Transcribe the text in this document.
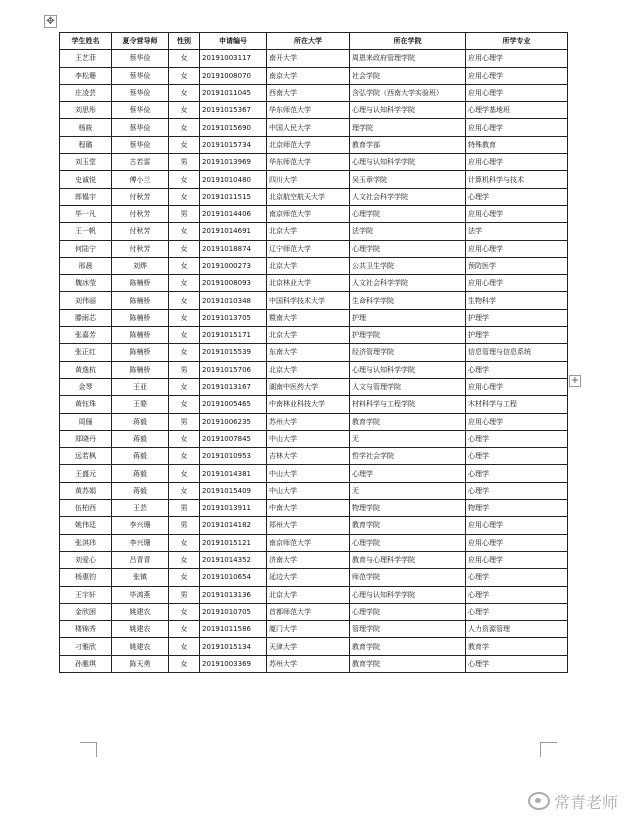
✥
学生姓名	夏令营导师	性别	申请编号	所在大学	所在学院	所学专业
王艺菲	蔡华俭	女	20191003117	南开大学	周恩来政府管理学院	应用心理学
李松珊	蔡华俭	女	20191008070	南京大学	社会学院	应用心理学
庄凌芸	蔡华俭	女	20191011045	西南大学	含弘学院（西南大学实验班）	应用心理学
刘思彤	蔡华俭	女	20191015367	华东师范大学	心理与认知科学学院	心理学基地班
杨筱	蔡华俭	女	20191015690	中国人民大学	理学院	应用心理学
程璐	蔡华俭	女	20191015734	北京师范大学	教育学部	特殊教育
刘玉堂	古若雷	男	20191013969	华东师范大学	心理与认知科学学院	应用心理学
史诚悦	傅小兰	女	20191010480	四川大学	吴玉章学院	计算机科学与技术
郎韫宇	付秋芳	女	20191011515	北京航空航天大学	人文社会科学学院	心理学
毕一凡	付秋芳	男	20191014406	南京师范大学	心理学院	应用心理学
王一帆	付秋芳	女	20191014691	北京大学	法学院	法学
何陆宁	付秋芳	女	20191018874	辽宁师范大学	心理学院	应用心理学
邢晨	刘烨	女	20191000273	北京大学	公共卫生学院	预防医学
魏冰莹	陈楠桥	女	20191008093	北京林业大学	人文社会科学学院	应用心理学
刘伟丽	陈楠桥	女	20191010348	中国科学技术大学	生命科学学院	生物科学
滕雨芯	陈楠桥	女	20191013705	暨南大学	护理	护理学
张嘉芳	陈楠桥	女	20191015171	北京大学	护理学院	护理学
张正红	陈楠桥	女	20191015539	东南大学	经济管理学院	信息管理与信息系统
黄逸杭	陈楠桥	男	20191015706	北京大学	心理与认知科学学院	心理学
金琴	王亚	女	20191013167	湖南中医药大学	人文与管理学院	应用心理学
黄钰珠	王婺	女	20191005465	中南林业科技大学	材料科学与工程学院	木材科学与工程
周俪	蒋毅	男	20191006235	苏州大学	教育学院	应用心理学
郑晓丹	蒋毅	女	20191007845	中山大学	无	心理学
远若枫	蒋毅	女	20191010953	吉林大学	哲学社会学院	心理学
王盛元	蒋毅	女	20191014381	中山大学	心理学	心理学
黄苏娟	蒋毅	女	20191015409	中山大学	无	心理学
伍柏西	王芸	男	20191013911	中南大学	物理学院	物理学
姚伟廷	李兴珊	男	20191014182	郑州大学	教育学院	应用心理学
张淇玮	李兴珊	女	20191015121	南京师范大学	心理学院	应用心理学
刘爱心	吕青青	女	20191014352	济南大学	教育与心理科学学院	应用心理学
杨惠钧	张镇	女	20191010654	延边大学	师范学院	心理学
王宇轩	毕鸿燕	男	20191013136	北京大学	心理与认知科学学院	心理学
金欣困	姚建农	女	20191010705	首都师范大学	心理学院	心理学
楼锦秀	姚建农	女	20191011586	厦门大学	管理学院	人力资源管理
刁雅欣	姚建农	女	20191015134	天津大学	教育学院	教育学
孙雅琪	陈天勇	女	20191003369	苏州大学	教育学院	心理学
+
常青老师
